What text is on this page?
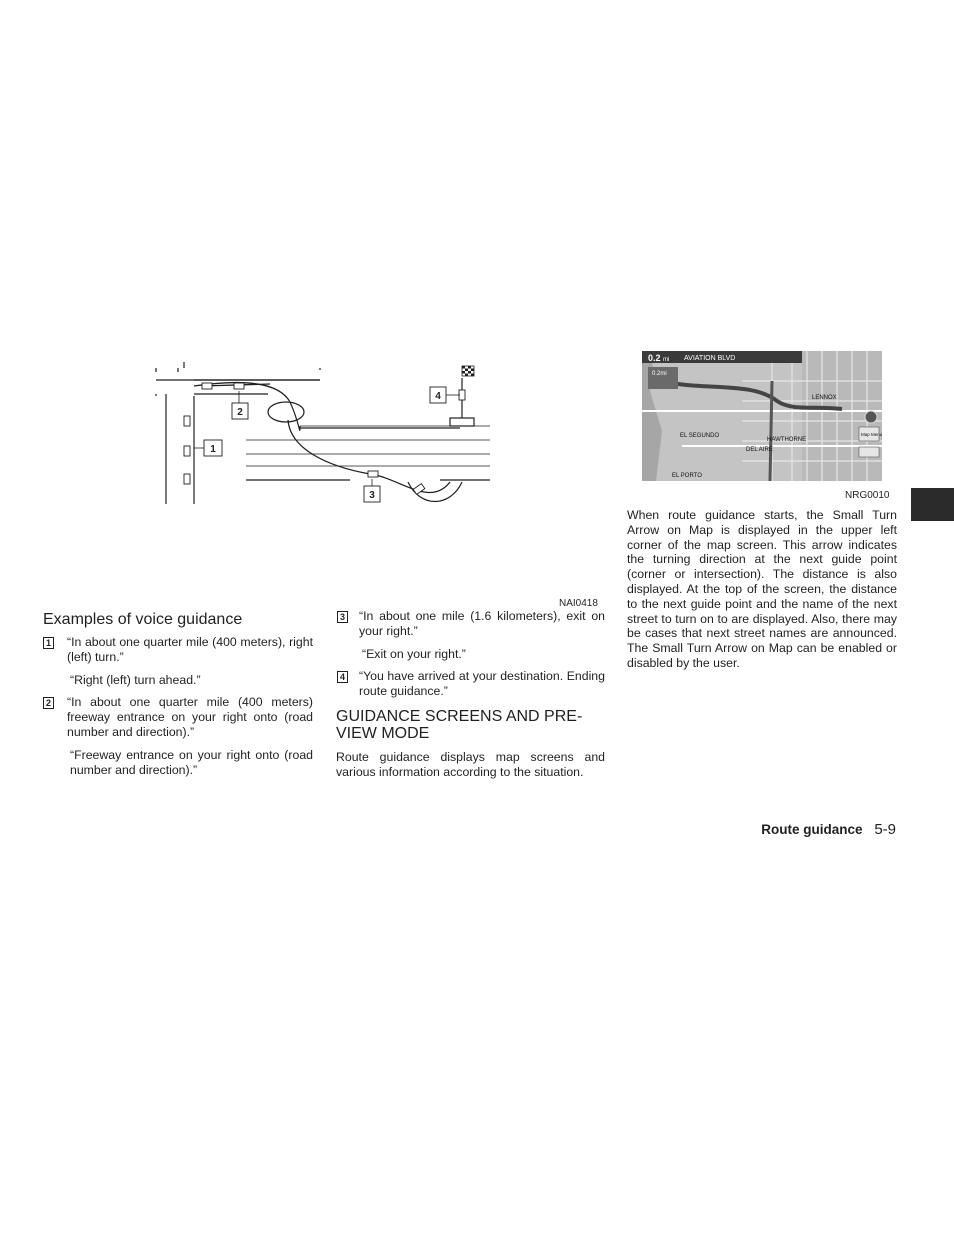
1
2
3
4
NAI0418
0.2 mi AVIATION BLVD
0.2mi
LENNOX
EL SEGUNDO
HAWTHORNE
DEL AIRE
EL PORTO
Map Menu
NRG0010
Examples of voice guidance
1 “In about one quarter mile (400 meters), right (left) turn.”
“Right (left) turn ahead.”
2 “In about one quarter mile (400 meters) freeway entrance on your right onto (road number and direction).”
“Freeway entrance on your right onto (road number and direction).”
3 “In about one mile (1.6 kilometers), exit on your right.”
“Exit on your right.”
4 “You have arrived at your destination. Ending route guidance.”
GUIDANCE SCREENS AND PRE-VIEW MODE
Route guidance displays map screens and various information according to the situation.
When route guidance starts, the Small Turn Arrow on Map is displayed in the upper left corner of the map screen. This arrow indicates the turning direction at the next guide point (corner or intersection). The distance is also displayed. At the top of the screen, the distance to the next guide point and the name of the next street to turn on to are displayed. Also, there may be cases that next street names are announced. The Small Turn Arrow on Map can be enabled or disabled by the user.
Route guidance 5-9
